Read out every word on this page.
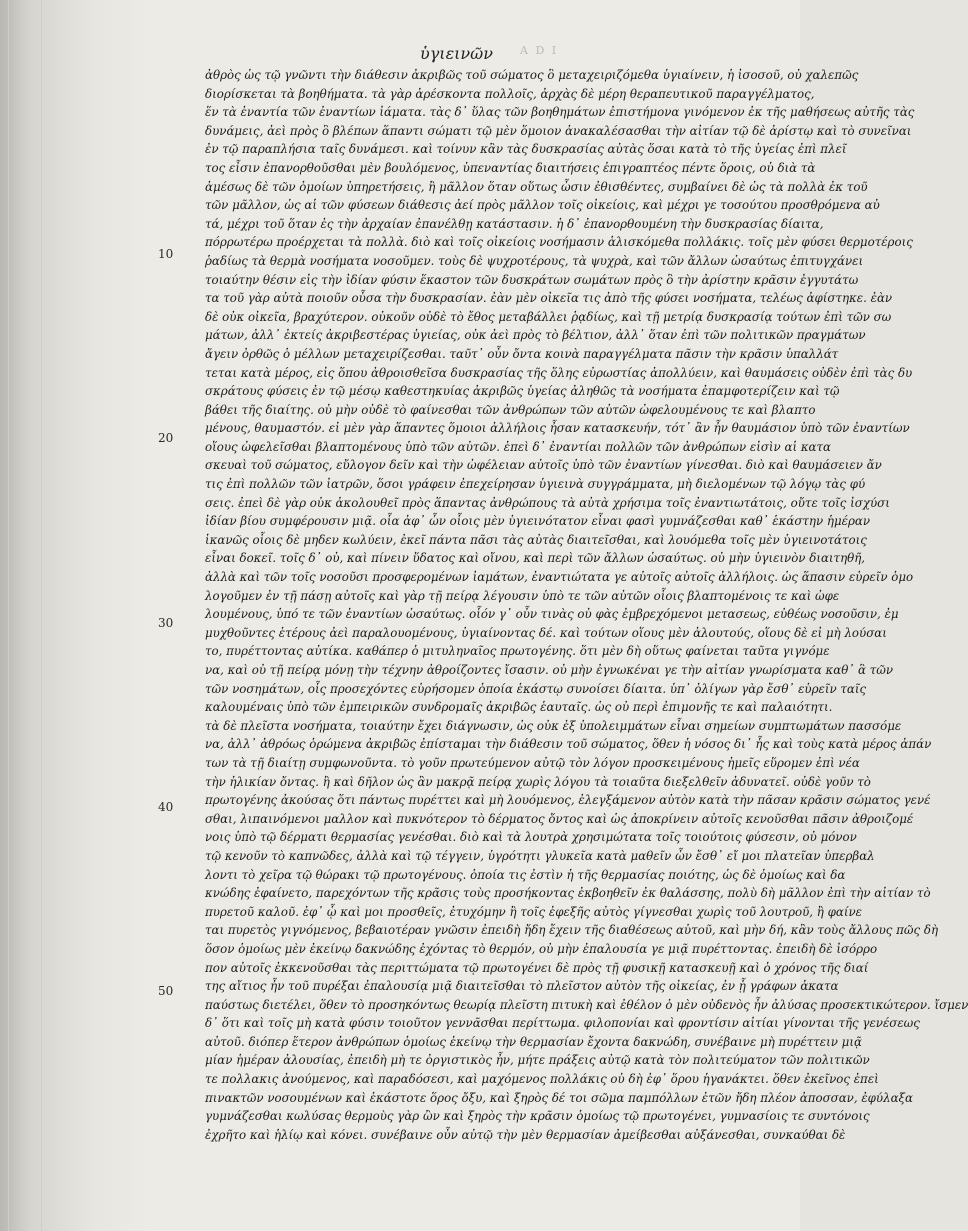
ὑγιεινῶν A D I
10
20
30
40
50
ἀθρὸς ὡς τῷ γνῶντι τὴν διάθεσιν ἀκριβῶς τοῦ σώματος ὃ μεταχειριζόμεθα ὑγιαίνειν, ἡ ἰσοσοῦ, οὐ χαλεπῶς
διορίσκεται τὰ βοηθήματα. τὰ γὰρ ἀρέσκοντα πολλοῖς, ἀρχὰς δὲ μέρη θεραπευτικοῦ παραγγέλματος,
ἕν τὰ ἐναντία τῶν ἐναντίων ἰάματα. τὰς δ᾽ ὕλας τῶν βοηθημάτων ἐπιστήμονα γινόμενον ἐκ τῆς μαθήσεως αὐτῆς τὰς
δυνάμεις, ἀεὶ πρὸς ὃ βλέπων ἅπαντι σώματι τῷ μὲν ὅμοιον ἀνακαλέσασθαι τὴν αἰτίαν τῷ δὲ ἀρίστῳ καὶ τὸ συνεῖναι
ἐν τῷ παραπλήσια ταῖς δυνάμεσι. καὶ τοίνυν κἂν τὰς δυσκρασίας αὐτὰς ὅσαι κατὰ τὸ τῆς ὑγείας ἐπὶ πλεῖ
τος εἶσιν ἐπανορθοῦσθαι μὲν βουλόμενος, ὑπεναντίας διαιτήσεις ἐπιγραπτέος πέντε ὅροις, οὐ διὰ τὰ
ἀμέσως δὲ τῶν ὁμοίων ὑπηρετήσεις, ἢ μᾶλλον ὅταν οὕτως ὦσιν ἐθισθέντες, συμβαίνει δὲ ὡς τὰ πολλὰ ἐκ τοῦ
τῶν μᾶλλον, ὡς αἱ τῶν φύσεων διάθεσις ἀεί πρὸς μᾶλλον τοῖς οἰκείοις, καὶ μέχρι γε τοσούτου προσθρόμενα αὐ
τά, μέχρι τοῦ ὅταν ἐς τὴν ἀρχαίαν ἐπανέλθῃ κατάστασιν. ἡ δ᾽ ἐπανορθουμένη τὴν δυσκρασίας δίαιτα,
πόρρωτέρω προέρχεται τὰ πολλὰ. διὸ καὶ τοῖς οἰκείοις νοσήμασιν ἁλισκόμεθα πολλάκις. τοῖς μὲν φύσει θερμοτέροις
ῥαδίως τὰ θερμὰ νοσήματα νοσοῦμεν. τοὺς δὲ ψυχροτέρους, τὰ ψυχρὰ, καὶ τῶν ἄλλων ὡσαύτως ἐπιτυγχάνει
τοιαύτην θέσιν εἰς τὴν ἰδίαν φύσιν ἕκαστον τῶν δυσκράτων σωμάτων πρὸς ὃ τὴν ἀρίστην κρᾶσιν ἐγγυτάτω
τα τοῦ γὰρ αὐτὰ ποιοῦν οὖσα τὴν δυσκρασίαν. ἐὰν μὲν οἰκεῖα τις ἀπὸ τῆς φύσει νοσήματα, τελέως ἀφίστηκε. ἐὰν
δὲ οὐκ οἰκεῖα, βραχύτερον. οὐκοῦν οὐδὲ τὸ ἔθος μεταβάλλει ῥᾳδίως, καὶ τῇ μετρίᾳ δυσκρασίᾳ τούτων ἐπὶ τῶν σω
μάτων, ἀλλ᾽ ἐκτείς ἀκριβεστέρας ὑγιείας, οὐκ ἀεὶ πρὸς τὸ βέλτιον, ἀλλ᾽ ὅταν ἐπὶ τῶν πολιτικῶν πραγμάτων
ἄγειν ὀρθῶς ὁ μέλλων μεταχειρίζεσθαι. ταῦτ᾽ οὖν ὄντα κοινὰ παραγγέλματα πᾶσιν τὴν κρᾶσιν ὑπαλλάτ
τεται κατὰ μέρος, εἰς ὅπου ἀθροισθεῖσα δυσκρασίας τῆς ὅλης εὐρωστίας ἀπολλύειν, καὶ θαυμάσεις οὐδὲν ἐπὶ τὰς δυ
σκράτους φύσεις ἐν τῷ μέσῳ καθεστηκυίας ἀκριβῶς ὑγείας ἀληθῶς τὰ νοσήματα ἐπαμφοτερίζειν καὶ τῷ
βάθει τῆς διαίτης. οὐ μὴν οὐδὲ τὸ φαίνεσθαι τῶν ἀνθρώπων τῶν αὐτῶν ὠφελουμένους τε καὶ βλαπτο
μένους, θαυμαστόν. εἰ μὲν γὰρ ἅπαντες ὅμοιοι ἀλλήλοις ἦσαν κατασκευήν, τότ᾽ ἂν ἦν θαυμάσιον ὑπὸ τῶν ἐναντίων
οἵους ὠφελεῖσθαι βλαπτομένους ὑπὸ τῶν αὐτῶν. ἐπεὶ δ᾽ ἐναντίαι πολλῶν τῶν ἀνθρώπων εἰσὶν αἱ κατα
σκευαὶ τοῦ σώματος, εὔλογον δεῖν καὶ τὴν ὠφέλειαν αὐτοῖς ὑπὸ τῶν ἐναντίων γίνεσθαι. διὸ καὶ θαυμάσειεν ἄν
τις ἐπὶ πολλῶν τῶν ἰατρῶν, ὅσοι γράφειν ἐπεχείρησαν ὑγιεινὰ συγγράμματα, μὴ διελομένων τῷ λόγῳ τὰς φύ
σεις. ἐπεὶ δὲ γὰρ οὐκ ἀκολουθεῖ πρὸς ἅπαντας ἀνθρώπους τὰ αὐτὰ χρήσιμα τοῖς ἐναντιωτάτοις, οὔτε τοῖς ἰσχύσι
ἰδίαν βίου συμφέρουσιν μιᾷ. οἷα ἀφ᾽ ὧν οἷοις μὲν ὑγιεινότατον εἶναι φασὶ γυμνάζεσθαι καθ᾽ ἑκάστην ἡμέραν
ἱκανῶς οἷοις δὲ μηδεν κωλύειν, ἐκεῖ πάντα πᾶσι τὰς αὐτὰς διαιτεῖσθαι, καὶ λουόμεθα τοῖς μὲν ὑγιεινοτάτοις
εἶναι δοκεῖ. τοῖς δ᾽ οὐ, καὶ πίνειν ὕδατος καὶ οἴνου, καὶ περὶ τῶν ἄλλων ὡσαύτως. οὐ μὴν ὑγιεινὸν διαιτηθῆ,
ἀλλὰ καὶ τῶν τοῖς νοσοῦσι προσφερομένων ἰαμάτων, ἐναντιώτατα γε αὐτοῖς αὐτοῖς ἀλλήλοις. ὡς ἅπασιν εὑρεῖν ὁμο
λογοῦμεν ἐν τῇ πάσῃ αὐτοῖς καὶ γὰρ τῇ πείρᾳ λέγουσιν ὑπὸ τε τῶν αὐτῶν οἷοις βλαπτομένοις τε καὶ ὠφε
λουμένους, ὑπό τε τῶν ἐναντίων ὡσαύτως. οἷόν γ᾽ οὖν τινὰς οὐ φὰς ἐμβρεχόμενοι μετασεως, εὐθέως νοσοῦσιν, ἐμ
μυχθοῦντες ἑτέρους ἀεὶ παραλουομένους, ὑγιαίνοντας δέ. καὶ τούτων οἵους μὲν ἀλουτούς, οἵους δὲ εἰ μὴ λούσαι
το, πυρέττοντας αὐτίκα. καθάπερ ὁ μιτυληναῖος πρωτογένης. ὅτι μὲν δὴ οὕτως φαίνεται ταῦτα γιγνόμε
να, καὶ οὐ τῇ πείρᾳ μόνῃ τὴν τέχνην ἀθροίζοντες ἴσασιν. οὐ μὴν ἐγνωκέναι γε τὴν αἰτίαν γνωρίσματα καθ᾽ ἃ τῶν
τῶν νοσημάτων, οἷς προσεχόντες εὑρήσομεν ὁποία ἑκάστῳ συνοίσει δίαιτα. ὑπ᾽ ὀλίγων γὰρ ἔσθ᾽ εὑρεῖν ταῖς
καλουμέναις ὑπὸ τῶν ἐμπειρικῶν συνδρομαῖς ἀκριβῶς ἑαυταῖς. ὡς οὐ περὶ ἐπιμονῆς τε καὶ παλαιότητι.
τὰ δὲ πλεῖστα νοσήματα, τοιαύτην ἔχει διάγνωσιν, ὡς οὐκ ἐξ ὑπολειμμάτων εἶναι σημείων συμπτωμάτων πασσόμε
να, ἀλλ᾽ ἀθρόως ὁρώμενα ἀκριβῶς ἐπίσταμαι τὴν διάθεσιν τοῦ σώματος, ὅθεν ἡ νόσος δι᾽ ἧς καὶ τοὺς κατὰ μέρος ἀπάν
των τὰ τῇ διαίτῃ συμφωνοῦντα. τὸ γοῦν πρωτεύμενον αὐτῷ τὸν λόγον προσκειμένους ἡμεῖς εὕρομεν ἐπὶ νέα
τὴν ἡλικίαν ὄντας. ἢ καὶ δῆλον ὡς ἂν μακρᾷ πείρᾳ χωρὶς λόγου τὰ τοιαῦτα διεξελθεῖν ἀδυνατεῖ. οὐδὲ γοῦν τὸ
πρωτογένης ἀκούσας ὅτι πάντως πυρέττει καὶ μὴ λουόμενος, ἐλεγξάμενον αὐτὸν κατὰ τὴν πᾶσαν κρᾶσιν σώματος γενέ
σθαι, λιπαινόμενοι μαλλον καὶ πυκνότερον τὸ δέρματος ὄντος καὶ ὡς ἀποκρίνειν αὐτοῖς κενοῦσθαι πᾶσιν ἀθροιζομέ
νοις ὑπὸ τῷ δέρματι θερμασίας γενέσθαι. διὸ καὶ τὰ λουτρὰ χρησιμώτατα τοῖς τοιούτοις φύσεσιν, οὐ μόνον
τῷ κενοῦν τὸ καπνῶδες, ἀλλὰ καὶ τῷ τέγγειν, ὑγρότητι γλυκεῖα κατὰ μαθεῖν ὧν ἔσθ᾽ εἴ μοι πλατεῖαν ὑπερβαλ
λοντι τὸ χεῖρα τῷ θώρακι τῷ πρωτογένους. ὁποία τις ἐστὶν ἡ τῆς θερμασίας ποιότης, ὡς δὲ ὁμοίως καὶ δα
κνώδης ἐφαίνετο, παρεχόντων τῆς κρᾶσις τοὺς προσήκοντας ἐκβοηθεῖν ἐκ θαλάσσης, πολὺ δὴ μᾶλλον ἐπὶ τὴν αἰτίαν τὸ
πυρετοῦ καλοῦ. ἐφ᾽ ᾧ καὶ μοι προσθεῖς, ἐτυχόμην ἢ τοῖς ἐφεξῆς αὐτὸς γίγνεσθαι χωρὶς τοῦ λουτροῦ, ἢ φαίνε
ται πυρετὸς γιγνόμενος, βεβαιοτέραν γνῶσιν ἐπειδὴ ἤδη ἔχειν τῆς διαθέσεως αὐτοῦ, καὶ μὴν δή, κἂν τοὺς ἄλλους πῶς δὴ
ὅσον ὁμοίως μὲν ἐκείνῳ δακνώδης ἐχόντας τὸ θερμόν, οὐ μὴν ἐπαλουσία γε μιᾷ πυρέττοντας. ἐπειδὴ δὲ ἰσόρρο
πον αὐτοῖς ἐκκενοῦσθαι τὰς περιττώματα τῷ πρωτογένει δὲ πρὸς τῇ φυσικῇ κατασκευῇ καὶ ὁ χρόνος τῆς διαί
της αἴτιος ἦν τοῦ πυρέξαι ἐπαλουσίᾳ μιᾷ διαιτεῖσθαι τὸ πλεῖστον αὐτὸν τῆς οἰκείας, ἐν ᾗ γράφων ἀκατα
παύστως διετέλει, ὅθεν τὸ προσηκόντως θεωρίᾳ πλεῖστη πιτυκὴ καὶ ἐθέλον ὁ μὲν οὐδενὸς ἦν ἀλύσας προσεκτικώτερον. ἴσμεν
δ᾽ ὅτι καὶ τοῖς μὴ κατὰ φύσιν τοιοῦτον γεννᾶσθαι περίττωμα. φιλοπονίαι καὶ φροντίσιν αἰτίαι γίνονται τῆς γενέσεως
αὐτοῦ. διόπερ ἕτερον ἀνθρώπων ὁμοίως ἐκείνῳ τὴν θερμασίαν ἔχοντα δακνώδη, συνέβαινε μὴ πυρέττειν μιᾷ
μίαν ἡμέραν ἀλουσίας, ἐπειδὴ μὴ τε ὀργιστικὸς ἦν, μήτε πράξεις αὐτῷ κατὰ τὸν πολιτεύματον τῶν πολιτικῶν
τε πολλακις ἀνούμενος, καὶ παραδόσεσι, καὶ μαχόμενος πολλάκις οὐ δὴ ἐφ᾽ ὅρου ἡγανάκτει. ὅθεν ἐκεῖνος ἐπεὶ
πινακτῶν νοσουμένων καὶ ἑκάστοτε ὅρος ὄξυ, καὶ ξηρὸς δέ τοι σῶμα παμπόλλων ἐτῶν ἤδη πλέον ἀποσσαν, ἐφύλαξα
γυμνάζεσθαι κωλύσας θερμοὺς γὰρ ὢν καὶ ξηρὸς τὴν κρᾶσιν ὁμοίως τῷ πρωτογένει, γυμνασίοις τε συντόνοις
ἐχρῆτο καὶ ἡλίῳ καὶ κόνει. συνέβαινε οὖν αὐτῷ τὴν μὲν θερμασίαν ἀμείβεσθαι αὐξάνεσθαι, συνκαύθαι δὲ
